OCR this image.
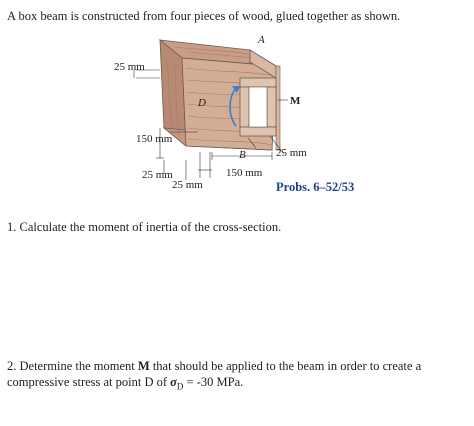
A box beam is constructed from four pieces of wood, glued together as shown.
A
D
B
M
25 mm
150 mm
25 mm
25 mm
150 mm
25 mm
Probs. 6–52/53
1. Calculate the moment of inertia of the cross-section.
2. Determine the moment M that should be applied to the beam in order to create a compressive stress at point D of $\sigma_D = -30$ MPa.
